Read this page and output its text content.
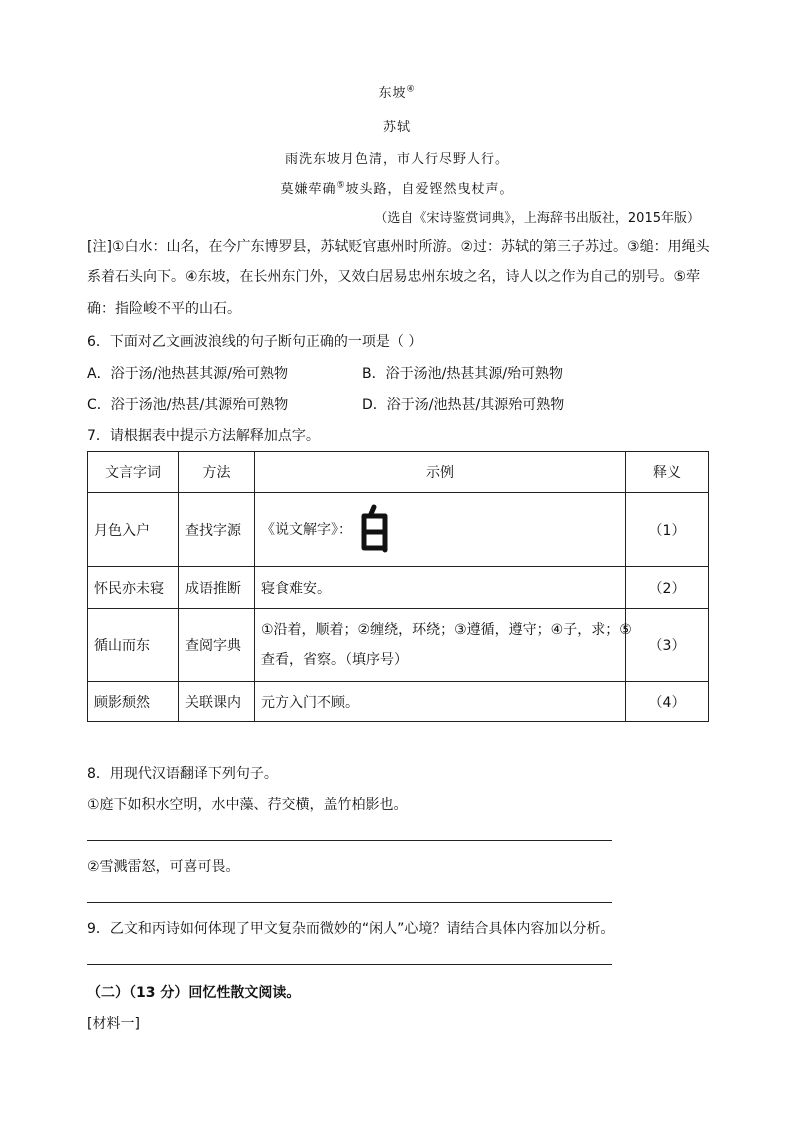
东坡④
苏轼
雨洗东坡月色清，市人行尽野人行。
莫嫌荦确⑤坡头路，自爱铿然曳杖声。
（选自《宋诗鉴赏词典》，上海辞书出版社，2015年版）
[注]①白水：山名，在今广东博罗县，苏轼贬官惠州时所游。②过：苏轼的第三子苏过。③缒：用绳头
系着石头向下。④东坡，在长州东门外，又效白居易忠州东坡之名，诗人以之作为自己的别号。⑤荦
确：指险峻不平的山石。
6．下面对乙文画波浪线的句子断句正确的一项是（ ）
A．浴于汤/池热甚其源/殆可熟物	B．浴于汤池/热甚其源/殆可熟物
C．浴于汤池/热甚/其源殆可熟物	D．浴于汤/池热甚/其源殆可熟物
7．请根据表中提示方法解释加点字。
文言字词	方法	示例	释义
月色入户	查找字源	《说文解字》：	（1）
怀民亦未寝	成语推断	寝食难安。	（2）
循山而东	查阅字典	①沿着，顺着；②缠绕，环绕；③遵循，遵守；④子，求；⑤
查看，省察。（填序号）	（3）
顾影颓然	关联课内	元方入门不顾。	（4）
8．用现代汉语翻译下列句子。
①庭下如积水空明，水中藻、荇交横，盖竹柏影也。
②雪溅雷怒，可喜可畏。
9．乙文和丙诗如何体现了甲文复杂而微妙的“闲人”心境？请结合具体内容加以分析。
（二）（13 分）回忆性散文阅读。
[材料一]
